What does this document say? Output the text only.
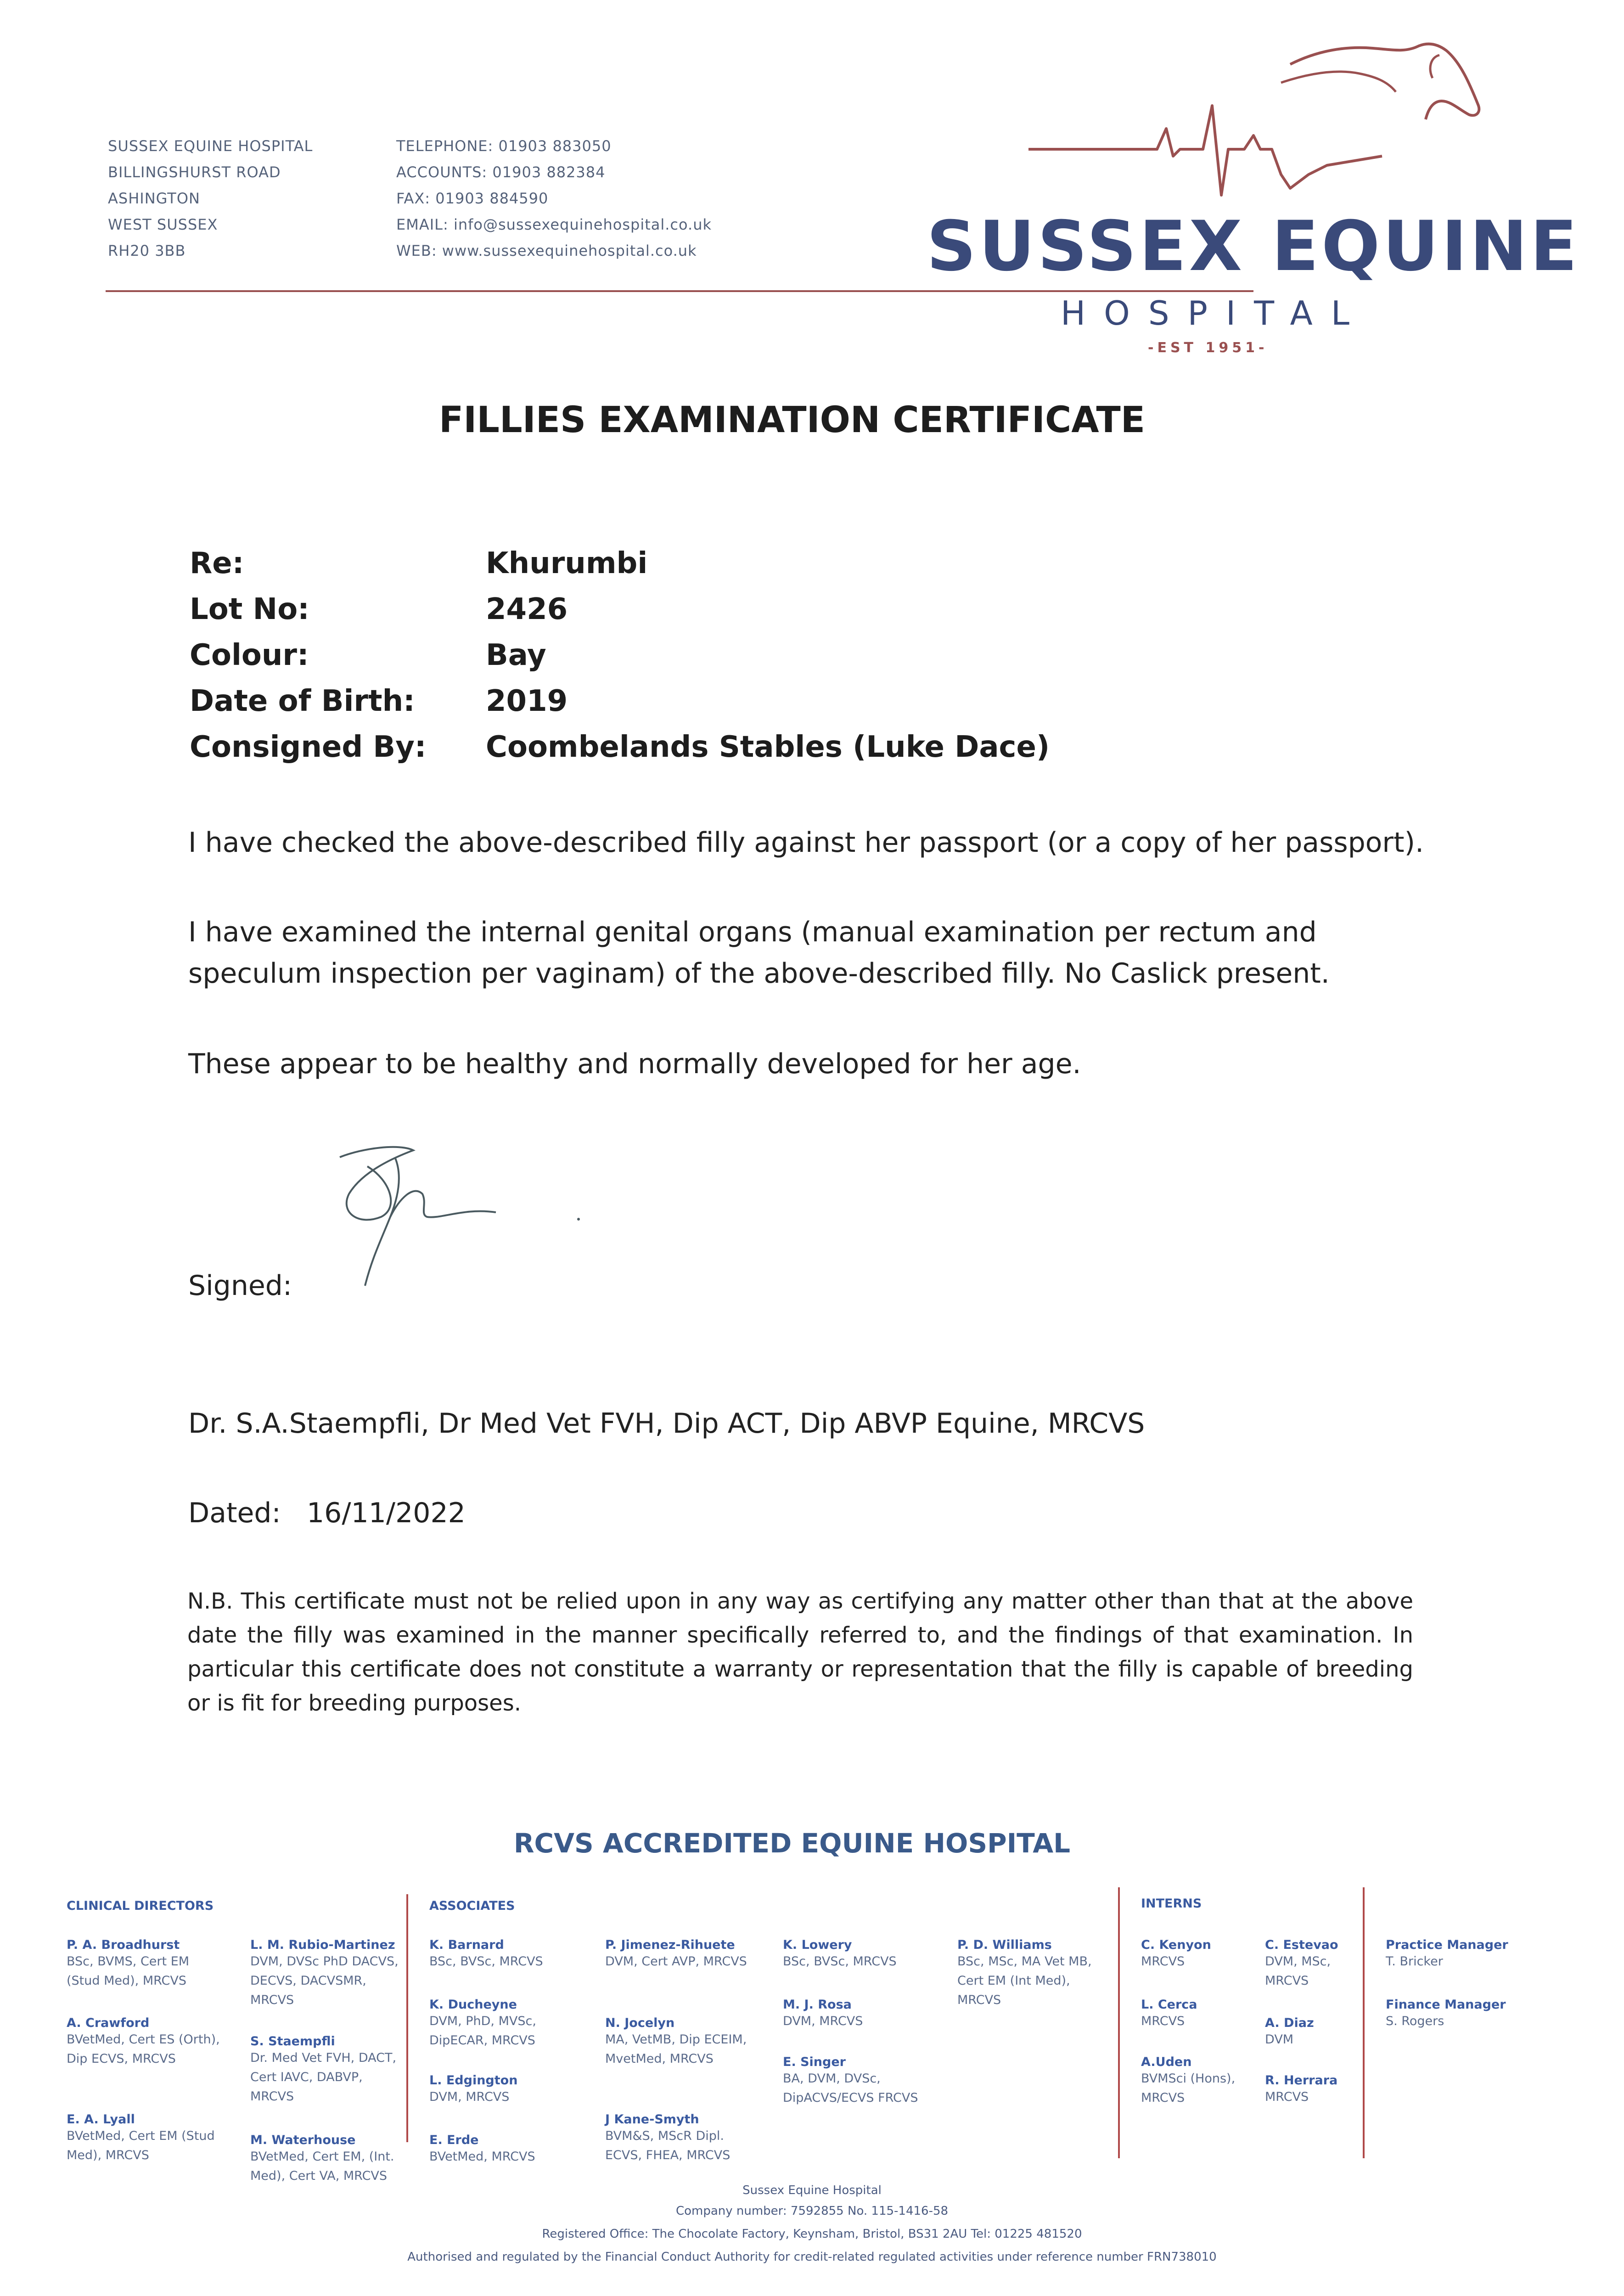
SUSSEX EQUINE HOSPITAL
BILLINGSHURST ROAD
ASHINGTON
WEST SUSSEX
RH20 3BB
TELEPHONE: 01903 883050
ACCOUNTS: 01903 882384
FAX: 01903 884590
EMAIL: info@sussexequinehospital.co.uk
WEB: www.sussexequinehospital.co.uk	SUSSEX EQUINE
HOSPITAL
-EST 1951-
FILLIES EXAMINATION CERTIFICATE
Re:	Khurumbi
Lot No:	2426
Colour:	Bay
Date of Birth: 2019
Consigned By: Coombelands Stables (Luke Dace)
I have checked the above-described filly against her passport (or a copy of her passport).
I have examined the internal genital organs (manual examination per rectum and speculum inspection per vaginam) of the above-described filly. No Caslick present.
These appear to be healthy and normally developed for her age.
Signed:
Dr. S.A.Staempfli, Dr Med Vet FVH, Dip ACT, Dip ABVP Equine, MRCVS
Dated: 16/11/2022
N.B. This certificate must not be relied upon in any way as certifying any matter other than that at the above date the filly was examined in the manner specifically referred to, and the findings of that examination. In particular this certificate does not constitute a warranty or representation that the filly is capable of breeding or is fit for breeding purposes.
RCVS ACCREDITED EQUINE HOSPITAL
CLINICAL DIRECTORS
P. A. Broadhurst
BSc, BVMS, Cert EM (Stud Med), MRCVS
A. Crawford
BVetMed, Cert ES (Orth), Dip ECVS, MRCVS
E. A. Lyall
BVetMed, Cert EM (Stud Med), MRCVS
L. M. Rubio-Martinez
DVM, DVSc PhD DACVS, DECVS, DACVSMR, MRCVS
S. Staempfli
Dr. Med Vet FVH, DACT, Cert IAVC, DABVP, MRCVS
M. Waterhouse
BVetMed, Cert EM, (Int. Med), Cert VA, MRCVS
ASSOCIATES
K. Barnard
BSc, BVSc, MRCVS
K. Ducheyne
DVM, PhD, MVSc, DipECAR, MRCVS
L. Edgington
DVM, MRCVS
E. Erde
BVetMed, MRCVS
P. Jimenez-Rihuete
DVM, Cert AVP, MRCVS
N. Jocelyn
MA, VetMB, Dip ECEIM, MvetMed, MRCVS
J Kane-Smyth
BVM&S, MScR Dipl. ECVS, FHEA, MRCVS
K. Lowery
BSc, BVSc, MRCVS
M. J. Rosa
DVM, MRCVS
E. Singer
BA, DVM, DVSc, DipACVS/ECVS FRCVS
P. D. Williams
BSc, MSc, MA Vet MB, Cert EM (Int Med), MRCVS
INTERNS
C. Kenyon
MRCVS
L. Cerca
MRCVS
A.Uden
BVMSci (Hons), MRCVS
C. Estevao
DVM, MSc, MRCVS
A. Diaz
DVM
R. Herrara
MRCVS
Practice Manager
T. Bricker
Finance Manager
S. Rogers
Sussex Equine Hospital
Company number: 7592855 No. 115-1416-58
Registered Office: The Chocolate Factory, Keynsham, Bristol, BS31 2AU Tel: 01225 481520
Authorised and regulated by the Financial Conduct Authority for credit-related regulated activities under reference number FRN738010
